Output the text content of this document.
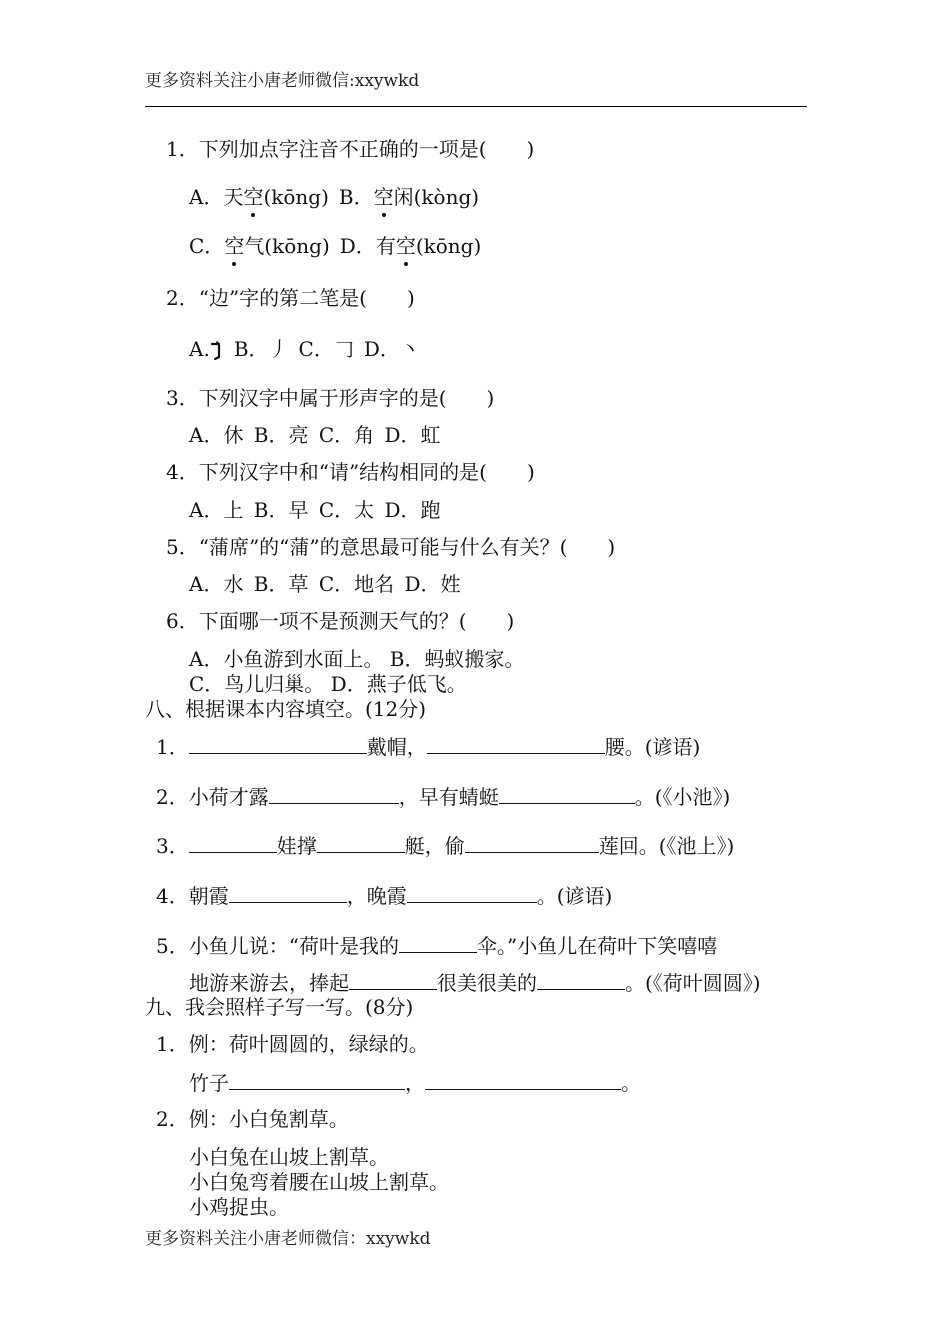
更多资料关注小唐老师微信:xxywkd
1．下列加点字注音不正确的一项是(　　)
A．天空(kōng) B．空闲(kòng)
C．空气(kōng) D．有空(kōng)
2．“边”字的第二笔是(　　)
A. B．丿 C．𠃌 D．丶
3．下列汉字中属于形声字的是(　　)
A．休 B．亮 C．角 D．虹
4．下列汉字中和“请”结构相同的是(　　)
A．上 B．早 C．太 D．跑
5．“蒲席”的“蒲”的意思最可能与什么有关？(　　)
A．水 B．草 C．地名 D．姓
6．下面哪一项不是预测天气的？(　　)
A．小鱼游到水面上。 B．蚂蚁搬家。
C．鸟儿归巢。 D．燕子低飞。
八、根据课本内容填空。(12分)
1．	戴帽，	腰。(谚语)
2．小荷才露	，早有蜻蜓	。(《小池》)
3．	娃撑	艇，偷	莲回。(《池上》)
4．朝霞	，晚霞	。(谚语)
5．小鱼儿说：“荷叶是我的	伞。”小鱼儿在荷叶下笑嘻嘻
地游来游去，捧起	很美很美的	。(《荷叶圆圆》)
九、我会照样子写一写。(8分)
1．例：荷叶圆圆的，绿绿的。
竹子	，	。
2．例：小白兔割草。
小白兔在山坡上割草。
小白兔弯着腰在山坡上割草。
小鸡捉虫。
更多资料关注小唐老师微信：xxywkd
